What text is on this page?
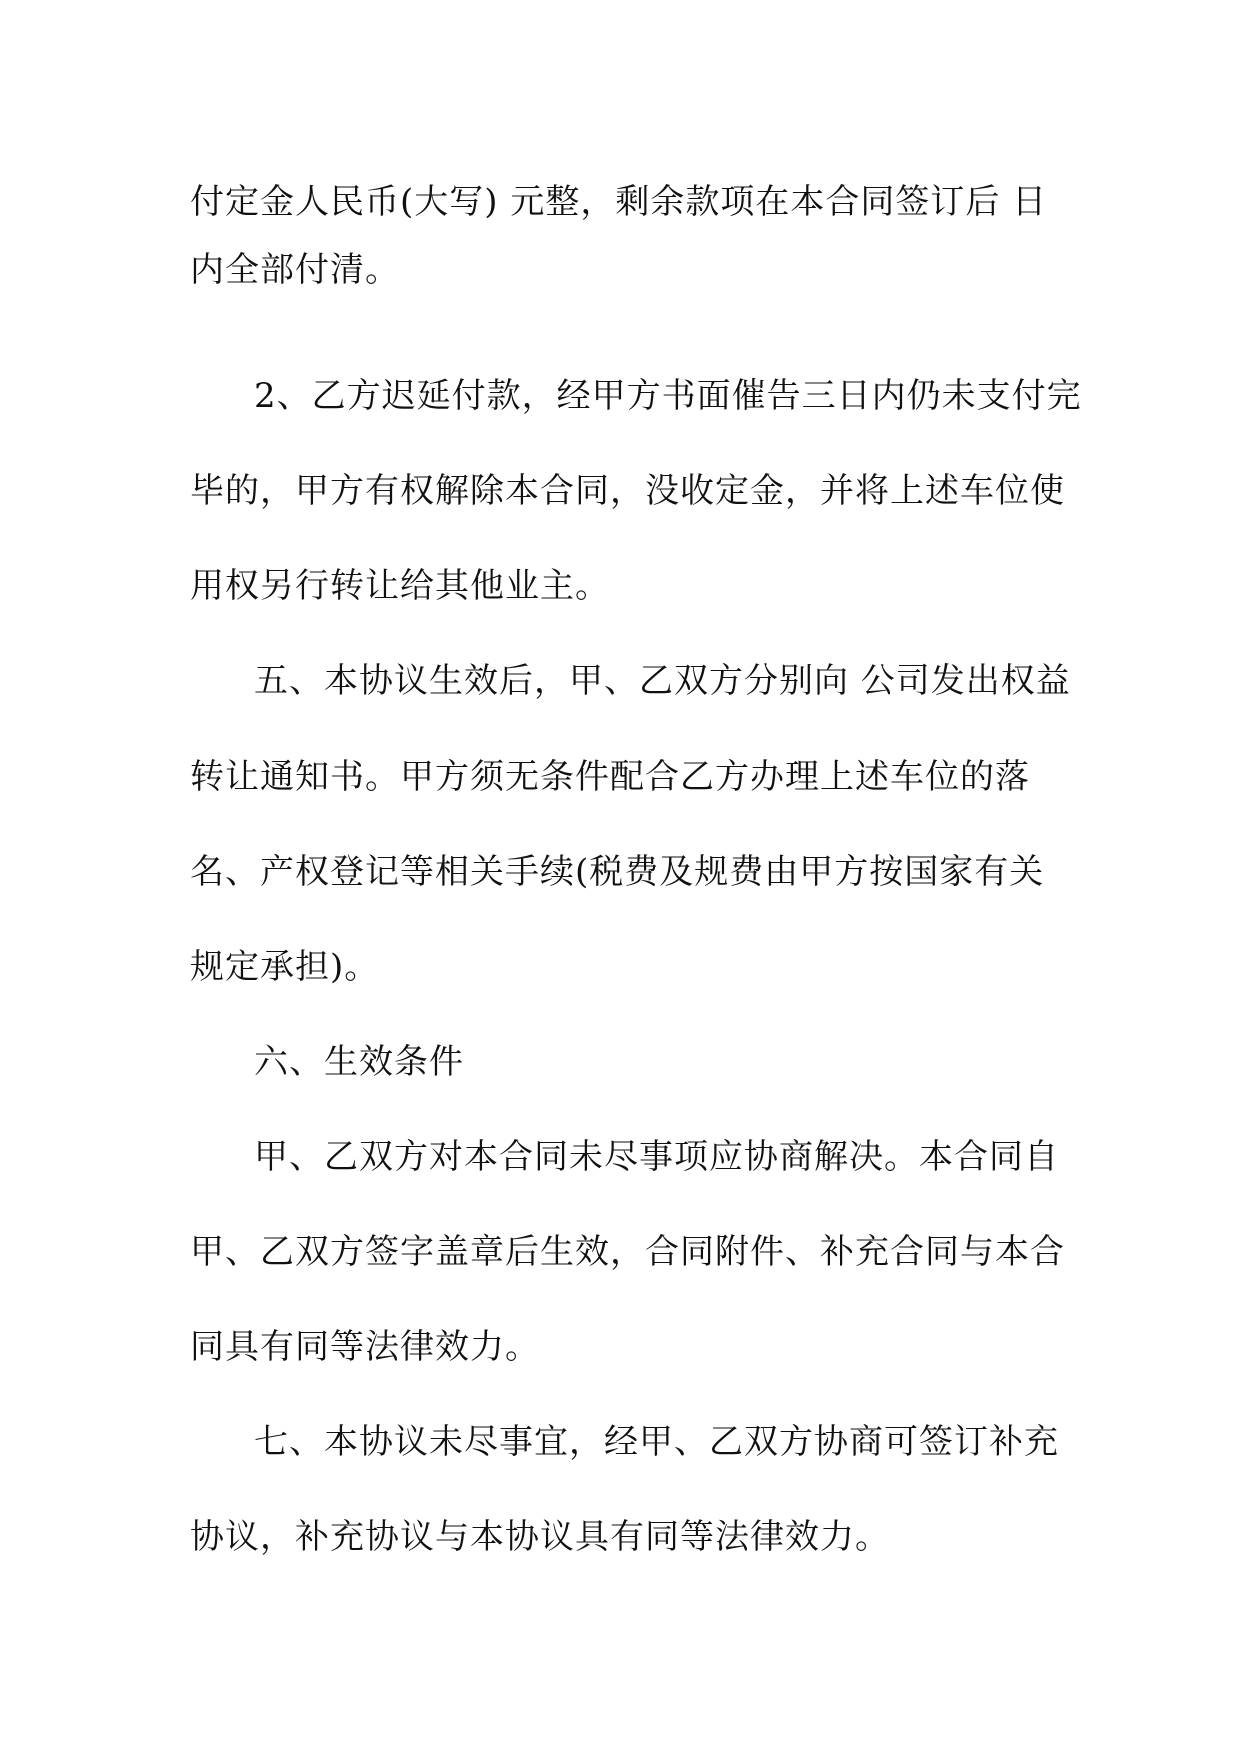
付定金人民币(大写) 元整，剩余款项在本合同签订后 日
内全部付清。
2、乙方迟延付款，经甲方书面催告三日内仍未支付完
毕的，甲方有权解除本合同，没收定金，并将上述车位使
用权另行转让给其他业主。
五、本协议生效后，甲、乙双方分别向 公司发出权益
转让通知书。甲方须无条件配合乙方办理上述车位的落
名、产权登记等相关手续(税费及规费由甲方按国家有关
规定承担)。
六、生效条件
甲、乙双方对本合同未尽事项应协商解决。本合同自
甲、乙双方签字盖章后生效，合同附件、补充合同与本合
同具有同等法律效力。
七、本协议未尽事宜，经甲、乙双方协商可签订补充
协议，补充协议与本协议具有同等法律效力。
